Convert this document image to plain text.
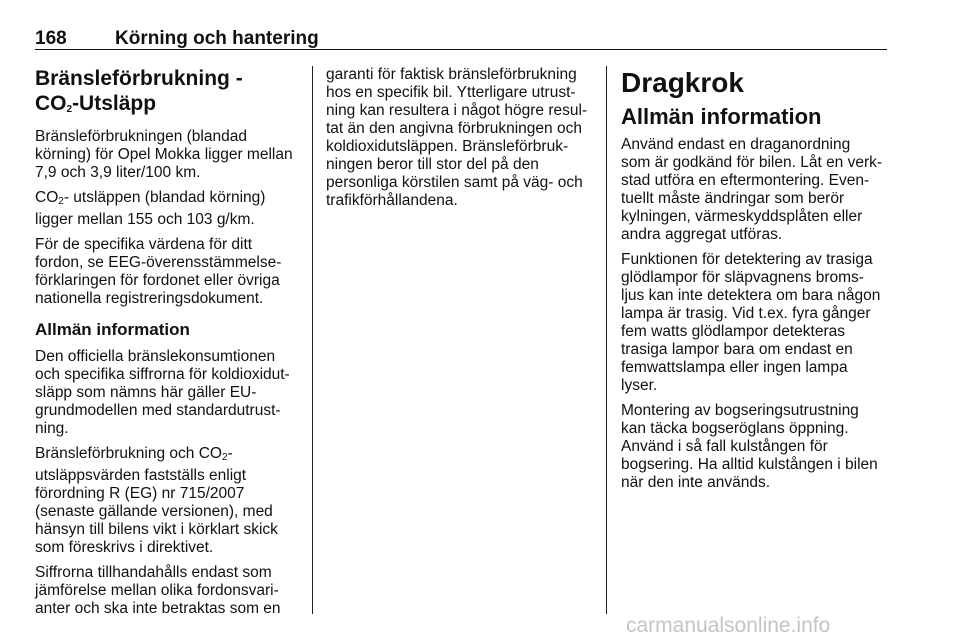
168	Körning och hantering
Bränsleförbrukning -
$CO_2$-Utsläpp

Bränsleförbrukningen (blandad
körning) för Opel Mokka ligger mellan
7,9 och 3,9 liter/100 km.

$CO_2-$ utsläppen (blandad körning)
ligger mellan 155 och 103 g/km.

För de specifika värdena för ditt
fordon, se EEG-överensstämmelse-
förklaringen för fordonet eller övriga
nationella registreringsdokument.

Allmän information

Den officiella bränslekonsumtionen
och specifika siffrorna för koldioxidut-
släpp som nämns här gäller EU-
grundmodellen med standardutrust-
ning.

Bränsleförbrukning och $CO_2-$
utsläppsvärden fastställs enligt
förordning R (EG) nr 715/2007
(senaste gällande versionen), med
hänsyn till bilens vikt i körklart skick
som föreskrivs i direktivet.

Siffrorna tillhandahålls endast som
jämförelse mellan olika fordonsvari-
anter och ska inte betraktas som en

garanti för faktisk bränsleförbrukning
hos en specifik bil. Ytterligare utrust-
ning kan resultera i något högre resul-
tat än den angivna förbrukningen och
koldioxidutsläppen. Bränsleförbruk-
ningen beror till stor del på den
personliga körstilen samt på väg- och
trafikförhållandena.

Dragkrok
Allmän information

Använd endast en draganordning
som är godkänd för bilen. Låt en verk-
stad utföra en eftermontering. Even-
tuellt måste ändringar som berör
kylningen, värmeskyddsplåten eller
andra aggregat utföras.

Funktionen för detektering av trasiga
glödlampor för släpvagnens broms-
ljus kan inte detektera om bara någon
lampa är trasig. Vid t.ex. fyra gånger
fem watts glödlampor detekteras
trasiga lampor bara om endast en
femwattslampa eller ingen lampa
lyser.

Montering av bogseringsutrustning
kan täcka bogseröglans öppning.
Använd i så fall kulstången för
bogsering. Ha alltid kulstången i bilen
när den inte används.

carmanualsonline.info
